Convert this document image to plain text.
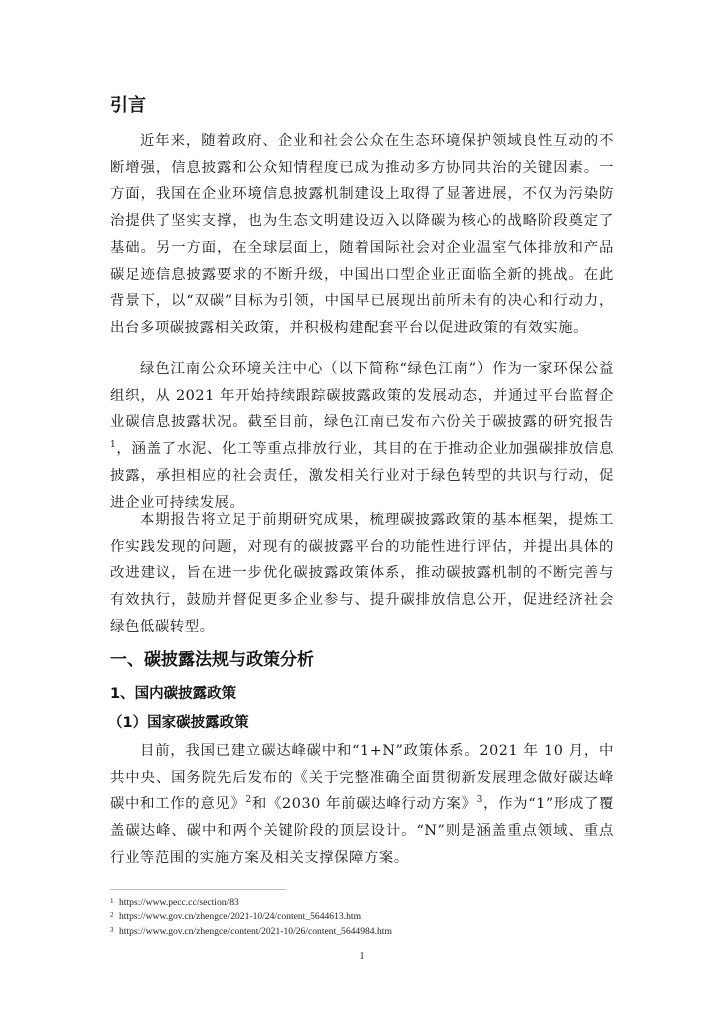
引言

近年来，随着政府、企业和社会公众在生态环境保护领域良性互动的不断增强，信息披露和公众知情程度已成为推动多方协同共治的关键因素。一方面，我国在企业环境信息披露机制建设上取得了显著进展，不仅为污染防治提供了坚实支撑，也为生态文明建设迈入以降碳为核心的战略阶段奠定了基础。另一方面，在全球层面上，随着国际社会对企业温室气体排放和产品碳足迹信息披露要求的不断升级，中国出口型企业正面临全新的挑战。在此背景下，以“双碳”目标为引领，中国早已展现出前所未有的决心和行动力，出台多项碳披露相关政策，并积极构建配套平台以促进政策的有效实施。

绿色江南公众环境关注中心（以下简称“绿色江南”）作为一家环保公益组织，从 2021 年开始持续跟踪碳披露政策的发展动态，并通过平台监督企业碳信息披露状况。截至目前，绿色江南已发布六份关于碳披露的研究报告$^1$，涵盖了水泥、化工等重点排放行业，其目的在于推动企业加强碳排放信息披露，承担相应的社会责任，激发相关行业对于绿色转型的共识与行动，促进企业可持续发展。

本期报告将立足于前期研究成果，梳理碳披露政策的基本框架，提炼工作实践发现的问题，对现有的碳披露平台的功能性进行评估，并提出具体的改进建议，旨在进一步优化碳披露政策体系，推动碳披露机制的不断完善与有效执行，鼓励并督促更多企业参与、提升碳排放信息公开，促进经济社会绿色低碳转型。

一、碳披露法规与政策分析
1、国内碳披露政策
（1）国家碳披露政策

目前，我国已建立碳达峰碳中和“1+N”政策体系。2021 年 10 月，中共中央、国务院先后发布的《关于完整准确全面贯彻新发展理念做好碳达峰碳中和工作的意见》$^2$和《2030 年前碳达峰行动方案》$^3$，作为“1”形成了覆盖碳达峰、碳中和两个关键阶段的顶层设计。“N”则是涵盖重点领域、重点行业等范围的实施方案及相关支撑保障方案。

1 https://www.pecc.cc/section/83
2 https://www.gov.cn/zhengce/2021-10/24/content_5644613.htm
3 https://www.gov.cn/zhengce/content/2021-10/26/content_5644984.htm
1
